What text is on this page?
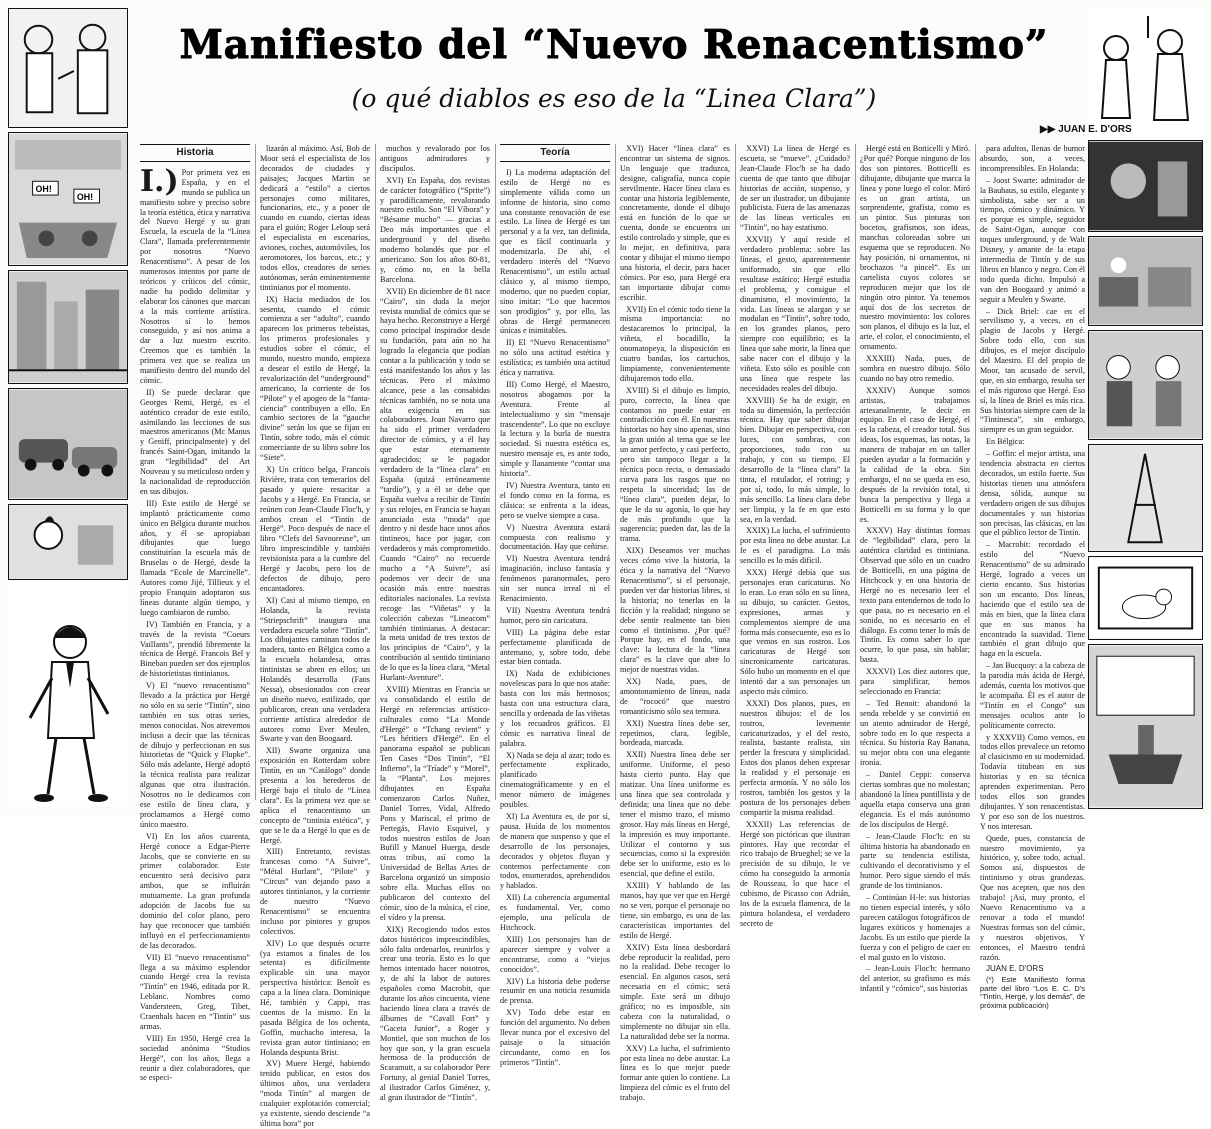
OH!
OH!
Manifiesto del “Nuevo Renacentismo”
(o qué diablos es eso de la “Linea Clara”)
▶▶ JUAN E. D'ORS
Historia

I.) Por primera vez en España, y en el mundo se publica un manifiesto sobre y preciso sobre la teoría estética, ética y narrativa del Nuevo Hergé y su gran Escuela, la escuela de la “Línea Clara”, llamada preferentemente por nosotros “Nuevo Renacentismo”. A pesar de los numerosos intentos por parte de teóricos y críticos del cómic, nadie ha podido delimitar y elaborar los cánones que marcan a la más corriente artística. Nosotros sí lo hemos conseguido, y así nos anima a dar a luz nuestro escrito. Creemos que es también la primera vez que se realiza un manifiesto dentro del mundo del cómic.

II) Se puede declarar que Georges Remi, Hergé, es el auténtico creador de este estilo, asimilando las lecciones de sus maestros americanos (Mc Manus y Geniff, principalmente) y del francés Saint-Ogan, imitando la gran “legibilidad” del Art Nouveau y su meticuloso orden y la nacionalidad de reproducción en sus dibujos.

III) Este estilo de Hergé se implantó prácticamente como único en Bélgica durante muchos años, y él se apropiaban dibujantes que luego constituirían la escuela más de Bruselas o de Hergé, desde la llamada “Ecole de Marcinelle”. Autores como Jijé, Tillieux y el propio Franquin adoptaron sus líneas durante algún tiempo, y luego cambiaron de rumbo.

IV) También en Francia, y a través de la revista “Coeurs Vaillants”, prendió libremente la técnica de Hergé. Francois Bel y Bineban pueden ser dos ejemplos de historietistas tintinianos.

V) El “nuevo renacentismo” llevado a la práctica por Hergé no sólo en su serie “Tintín”, sino también en sus otras series, menos conocidas. Nos atrevemos incluso a decir que las técnicas de dibujo y perfeccionan en sus historietas de “Quick y Flupke”. Sólo más adelante, Hergé adoptó la técnica realista para realizar algunas que otra ilustración. Nosotros no le dedicamos con ese estilo de línea clara, y proclamamos a Hergé como único maestro.

VI) En los años cuarenta, Hergé conoce a Edgar-Pierre Jacobs, que se convierte en su primer colaborador. Este encuentro será decisivo para ambos, que se influirán mutuamente. La gran profunda adopción de Jacobs fue su dominio del color plano, pero hay que reconocer que también influyó en el perfeccionamiento de las decorados.

VII) El “nuevo renacentismo” llega a su máximo esplendor cuando Hergé crea la revista “Tintín” en 1946, editada por R. Leblanc. Nombres como Vandersteen, Greg, Tibet, Craenhals hacen en “Tintín” sus armas.

VIII) En 1950, Hergé crea la sociedad anónima “Studios Hergé”, con los años, llega a reunir a diez colaboradores, que se especi-

lizarán al máximo. Así, Bob de Moor será el especialista de los decorados de ciudades y paisajes; Jacques Martin se dedicará a “estilo” a ciertos personajes como militares, funcionarios, etc., y a poner de cuando en cuando, ciertas ideas para el guión; Roger Leloup será el especialista en escenarios, aviones, coches, automóviles, los aeromotores, los barcos, etc.; y todos ellos, creadores de series autónomas, serán eminentemente tintinianos por el momento.

IX) Hacia mediados de los sesenta, cuando el cómic comienza a ser “adulto”, cuando aparecen los primeros tebeístas, los primeros profesionales y estudios sobre el cómic, el mundo, nuestro mundo, empieza a desear el estilo de Hergé, la revalorización del “underground” americano, la corriente de los “Pilote” y el apogeo de la “fanta-ciencia” contribuyen a ello. En cambio sectores de la “gauche divine” serán los que se fijan en Tintín, sobre todo, más el cómic comerciante de su libro sobre los “Siete”.

X) Un crítico belga, Francois Rivière, trata con temerarios del pasado y quiere resucitar a Jacobs y a Hergé. En Francia, se reúnen con Jean-Claude Floc'h, y ambos crean el “Tintín de Hergé”. Poco después de nace el libro “Clefs del Savoureuse”, un libro imprescindible y también revisionista para a la cumbre del Hergé y Jacobs, pero los de defectos de dibujo, pero encantadores.

XI) Casi al mismo tiempo, en Holanda, la revista “Striepschrift” inaugura una verdadera escuela sobre “Tintín”. Los dibujantes caminan todos de madera, tanto en Bélgica como a la escuela holandesa, otras tintinistas se abren en ellos; un Holandés desarrolla (Fans Nessa), obsesionados con crear un diseño nuevo, estilizado, que publicaron, crean una verdadera corriente artística alrededor de autores como Ever Meulen, Swarte y van den Boogaard.

XII) Swarte organiza una exposición en Rotterdam sobre Tintín, en un “Catálogo” donde presenta a los herederos de Hergé bajo el título de “Línea clara”. Es la primera vez que se aplica el renacentismo un concepto de “tintinia estética”, y que se le da a Hergé lo que es de Hergé.

XIII) Entretanto, revistas francesas como “A Suivre”, “Métal Hurlant”, “Pilote” y “Circus” van dejando paso a autores tintinianos, y la corriente de nuestro “Nuevo Renacentismo” se encuentra incluso por pintores y grupos colectivos.

XIV) Lo que después ocurre (ya estamos a finales de los setenta) es difícilmente explicable sin una mayor perspectiva histórica: Benoît es capa a la línea clara. Dominique Hé, también y Cappi, tras cuentos de la mismo. En la pasada Bélgica de los ochenta, Goffin, muchacho interesa, la revista gran autor tintiniano; en Holanda despunta Brist.

XV) Muere Hergé, habiendo tenido publicar, en estos dos últimos años, una verdadera “moda Tintín” al margen de cualquier explotación comercial; ya existente, siendo desciende “a última hora” por

muchos y revalorado por los antiguos admiradores y discípulos.

XVI) En España, dos revistas de carácter fotográfico (“Sprite”) y parodíficamente, revalorando nuestro estilo. Son “El Víbora” y “Bésame mucho” — gracias a Deo más importantes que el underground y del diseño moderno holandés que por el americano. Son los años 80-81, y, cómo no, en la bella Barcelona.

XVII) En diciembre de 81 nace “Cairo”, sin duda la mejor revista mundial de cómics que se haya hecho. Reconstruye a Hergé como principal inspirador desde su fundación, para aún no ha logrado la elegancia que podían contar a la publicación y todo se está manifestando los años y las técnicas. Pero el máximo alcance, pese a las consabidas técnicas también, no se nota una alta exigencia en sus colaboradores. Joan Navarro que ha sido el primer verdadero director de cómics, y a él hay que estar eternamente agradecidos; se le pagador verdadero de la “línea clara” en España (quizá erróneamente “tardío”), y a él se debe que España vuelva a recibir de Tintín y sus relojes, en Francia se hayan anunciado esta “moda” que dentro y ni desde hace unos años tintineos, hace por jugar, con verdaderos y más comprometido. Cuando “Cairo” no recuerde mucho a “A Suivre”, así podemos ver decir de una ocasión más entre nuestras editoriales nacionales. La revista recoge las “Viñetas” y la colección cabezas “Lineacom” también tintinianas. A destacar: la meta unidad de tres textos de los principios de “Cairo”, y la contribución al sentido tintiniano de lo que es la línea clara, “Metal Hurlant-Aventure”.

XVIII) Mientras en Francia se va consolidando el estilo de Hergé en referencias artístico-culturales como “La Monde d'Hergé” o “Tchang revient” y “Les héritiers d'Hergé”. En el panorama español se publican Ten Cases “Dos Tintín”, “El Infierno”, la “Tríade” y “Morel”, la “Planta”. Los mejores dibujantes en España comenzaron Carlos Nuñez, Daniel Torres, Vidal, Alfredo Pons y Mariscal, el primo de Pertegás, Flavio Esquivel, y todos nuestros estilos de Joan Bufill y Manuel Huerga, desde otras tribus, así como la Universidad de Bellas Artes de Barcelona organizó un simposio sobre ella. Muchas ellos no publicaron del contexto del cómic, sino de la música, el cine, el vídeo y la prensa.

XIX) Recogiendo todos estos datos históricos imprescindibles, sólo falta ordenarlos, reunirlos y crear una teoría. Esto es lo que hemos intentado hacer nosotros, y, de ahí la labor de autores españoles como Macrobit, que durante los años cincuenta, viene haciendo línea clara a través de álbumes de “Cavall Fort” y “Gaceta Junior”, a Roger y Montiel, que son muchos de los hoy que son, y la gran escuela hermosa de la producción de Scaramutt, a su colaborador Pere Fortuny, al genial Daniel Torres, al ilustrador Carlos Giménez, y, al gran ilustrador de “Tintín”.

Teoría

I) La moderna adaptación del estilo de Hergé no es simplemente válida como un informe de historia, sino como una constante renovación de ese estilo. La línea de Hergé es tan personal y a la vez, tan definida, que es fácil continuarla y modernizarla. De ahí, el verdadero interés del “Nuevo Renacentismo”, un estilo actual clásico y, al mismo tiempo, moderno, que no pueden copiar, sino imitar: “Lo que hacemos son prodigios” y, por ello, las obras de Hergé permanecen únicas e inimitables.

II) El “Nuevo Renacentismo” no sólo una actitud estética y estilística; es también una actitud ética y narrativa.

III) Como Hergé, el Maestro, nosotros abogamos por la Aventura. Frente al intelectualismo y sin “mensaje trascendente”. Lo que no excluye la lectura y la burla de nuestra sociedad. Si nuestra estética es, nuestro mensaje es, es ante todo, simple y llanamente “contar una historia”.

IV) Nuestra Aventura, tanto en el fondo como en la forma, es clásica: se enfrenta a la ideas, pero se vuelve siempre a casa.

V) Nuestra Aventura estará compuesta con realismo y documentación. Hay que ceñirse.

VI) Nuestra Aventura tendrá imaginación, incluso fantasía y fenómenos paranormales, pero sin ser nunca irreal ni el Renacimiento.

VII) Nuestra Aventura tendrá humor, pero sin caricatura.

VIII) La página debe estar perfectamente planificada de antemano, y, sobre todo, debe estar bien contada.

IX) Nada de exhibiciones novelescas para lo que nos atañe: basta con los más hermosos; basta con una estructura clara, sencilla y ordenada de las viñetas y los recuadros gráficos. El cómic es narrativa lineal de palabra.

X) Nada se deja al azar; todo es perfectamente explicado, planificado cinematográficamente y en el menor número de imágenes posibles.

XI) La Aventura es, de por sí, pausa. Huída de los momentos de manera que suspenso y que el desarrollo de los personajes, decorados y objetos fluyan y contemos perfectamente con todos, enumerados, aprehendidos y hablados.

XII) La coherencia argumental es fundamental. Ver, como ejemplo, una película de Hitchcock.

XIII) Los personajes han de aparecer siempre y volver a encontrarse, como a “viejos conocidos”.

XIV) La historia debe poderse resumir en una noticia resumida de prensa.

XV) Todo debe estar en función del argumento. No deben llevar nunca por el excesivo del paisaje o la situación circundante, como en los primeros “Tintín”.

XVI) Hacer “línea clara” es encontrar un sistema de signos. Un lenguaje que traduzca, designe, caligrafía, nunca copie servilmente. Hacer línea clara es contar una historia legiblemente, concretamente, donde el dibujo está en función de lo que se cuenta, donde se encuentra un estilo controlado y simple, que es lo mejor, en definitiva, para contar y dibujar el mismo tiempo una historia, el decir, para hacer cómics. Por eso, para Hergé era tan importante dibujar como escribir.

XVII) En el cómic todo tiene la misma importancia: no destacaremos lo principal, la viñeta, el bocadillo, la onomatopeya, la disposición en cuatro bandas, los cartuchos, limpiamente, convenientemente dibujaremos todo ello.

XVIII) Si el dibujo es limpio, puro, correcto, la línea que contamos no puede estar en contradicción con él. En nuestras historias no hay sino apenas, sino la gran unión al tema que se lee un amor perfecto, y casi perfecto, pero sin tampoco llegar a la técnica poco recta, o demasiado curva para los rasgos que no respeta la sinceridad; las de “línea clara”, pueden dejar, lo que le da su agonía, lo que hay de más profundo que la sugerencia; pueden dar, las de la trama.

XIX) Deseamos ver muchas veces cómo vive la historia, la ética y la narrativa del “Nuevo Renacentismo”, si el personaje, pueden ver dar historias libres, si la historia; no tenerlas en la ficción y la realidad; ninguno se debe sentir realmente tan bien como el tintinismo. ¿Por qué? Porque hay, en el fondo, una clave: la lectura de la “línea clara” es la clave que abre lo mejor de nuestras vidas.

XX) Nada, pues, de amontonamiento de líneas, nada de “rococó” que nuestro romanticismo sólo sea ternura.

XXI) Nuestra línea debe ser, repetimos, clara, legible, bordeada, marcada.

XXII) Nuestra línea debe ser uniforme. Uniforme, el peso hasta cierto punto. Hay que matizar. Una línea uniforme es una línea que sea controlada y definida; una línea que no debe tener el mismo trazo, el mismo grosor. Hay más líneas en Hergé, la impresión es muy importante. Utilizar el contorno y sus secuencias, como si la expresión debe ser lo uniforme, esto es lo esencial, que define el estilo.

XXIII) Y hablando de las manos, hay que ver que en Hergé no se ven, porque el personaje no tiene, sin embargo, es una de las características importantes del estilo de Hergé.

XXIV) Esta línea desbordará debe reproducir la realidad, pero no la realidad. Debe recoger lo esencial. En algunos casos, será necesaria en el cómic; será simple. Este será un dibujo gráfico; no es imposible, sin cabeza con la naturalidad, o simplemente no dibujar sin ella. La naturalidad debe ser la norma.

XXV) La lucha, el sufrimiento por esta línea no debe asustar. La línea es lo que mejor puede formar ante quien lo contiene. La limpieza del cómic es el fruto del trabajo.

XXVI) La línea de Hergé es escueta, se “mueve”. ¿Cuidado? Jean-Claude Floc'h se ha dado cuenta de que tanto que dibujar historias de acción, suspenso, y de ser un ilustrador, un dibujante publicista. Fuera de las amenazas de las líneas verticales en “Tintín”, no hay estatismo.

XXVII) Y aquí reside el verdadero problema: sobre las líneas, el gesto, aparentemente uniformado, sin que ello resultase estático; Hergé estudia el problema, y consigue el dinamismo, el movimiento, la vida. Las líneas se alargan y se modulan en “Tintín”, sobre todo, en los grandes planos, pero siempre con equilibrio; es la línea que sabe morir, la línea que sabe nacer con el dibujo y la viñeta. Esto sólo es posible con una línea que respete las necesidades reales del dibujo.

XXVIII) Se ha de exigir, en toda su dimensión, la perfección técnica. Hay que saber dibujar bien. Dibujar en perspectiva, con luces, con sombras, con proporciones, todo con su trabajo, y con su tiempo. El desarrollo de la “línea clara” la tinta, el rotulador, el rotring; y por sí, todo, lo más simple, lo más sencillo. La línea clara debe ser limpia, y la fe en que esto sea, en la verdad.

XXIX) La lucha, el sufrimiento por esta línea no debe asustar. La fe es el paradigma. Lo más sencillo es lo más difícil.

XXX) Hergé debía que sus personajes eran caricaturas. No lo eran. Lo eran sólo en su línea, su dibujo, su carácter. Gestos, expresiones, armas y complementos siempre de una forma más consecuente, eso es lo que vemos en sus rostros. Los caricaturas de Hergé son sincronicamente caricaturas. Sólo hubo un momento en el que intentó dar a sus personajes un aspecto más cómico.

XXXI) Dos planos, pues, en nuestros dibujos: el de los rostros, levemente caricaturizados, y el del resto, realista, bastante realista, sin perder la frescura y simplicidad. Estos dos planos deben expresar la realidad y el personaje en perfecta armonía. Y no sólo los rostros, también los gestos y la postura de los personajes deben compartir la misma realidad.

XXXII) Las referencias de Hergé son pictóricas que ilustran pintores. Hay que recordar el rico trabajo de Brueghel; se ve la precisión de su dibujo, le ve cómo ha conseguido la armonía de Rousseau, lo que hace el cubismo, de Picasso con Adrián, los de la escuela flamenca, de la pintura holandesa, el verdadero secreto de

Hergé está en Botticelli y Miró. ¿Por qué? Porque ninguno de los dos son pintores. Botticelli es dibujante, dibujante que marca la línea y pone luego el color. Miró es un gran artista, un sorprendente, grafista, como es un pintor. Sus pinturas son bocetos, grafismos, son ideas, manchas coloreadas sobre un esquema que se reproducen. No hay posición, ni ornamentos, ni brochazos “a pincel”. Es un cartelista cuyos colores se reproducen mejor que los de ningún otro pintor. Ya tenemos aquí dos de los secretos de nuestro movimiento: los colores son planos, el dibujo es la luz, el arte, el color, el conocimiento, el ornamento.

XXXIII) Nada, pues, de sombra en nuestro dibujo. Sólo cuando no hay otro remedio.

XXXIV) Aunque somos artistas, trabajamos artesanalmente, le decir en equipo. En el caso de Hergé, el es la cabeza, el creador total. Sus ideas, los esquemas, las notas, la manera de trabajar en un taller pueden ayudar a la formación y la calidad de la obra. Sin embargo, el no se queda en eso, después de la revisión total, si busca la perspectiva y llega a Botticelli en su forma y lo que es.

XXXV) Hay distintas formas de “legibilidad” clara, pero la auténtica claridad es tintiniana. Observad que sólo en un cuadro de Botticelli, en una página de Hitchcock y en una historia de Hergé no es necesario leer el texto para entendernos de todo lo que pasa, no es necesario en el sonido, no es necesario en el diálogo. Es como tener lo más de Tintín. Es como saber lo que ocurre, lo que pasa, sin hablar; basta.

XXXVI) Los diez autores que, para simplificar, hemos seleccionado en Francia:

– Ted Benoit: abandonó la senda rebelde y se convirtió en un atento admirador de Hergé, sobre todo en lo que respecta a técnica. Su historia Ray Banana, su mejor obra con una elegante ironía.

– Daniel Ceppi: conserva ciertas sombras que no molestan; abandonó la línea puntillista y de aquella etapa conserva una gran elegancia. Es el más autónomo de los discípulos de Hergé.

– Jean-Claude Floc'h: en su última historia ha abandonado en parte su tendencia estilista, cultivando el decorativismo y el humor. Pero sigue siendo el más grande de los tintinianos.

– Continúan H-le: sus historias no tienen especial interés, y sólo parecen catálogos fotográficos de lugares exóticos y homenajes a Jacobs. Es un estilo que pierde la fuerza y con el peligro de caer en el mal gusto en lo vistoso.

– Jean-Louis Floc'h: hermano del anterior, su grafismo es más infantil y “cómico”, sus historias

para adultos, llenas de humor absurdo, son, a veces, incomprensibles. En Holanda:

– Joost Swarte: admirador de la Bauhaus, su estilo, elegante y simbolista, sabe ser a un tiempo, cómico y dinámico. Y es porque es simple, seguidor de Saint-Ogan, aunque con toques underground, y de Walt Disney, y amante de la etapa intermedia de Tintín y de sus libros en blanco y negro. Con él todo queda dicho. Impulsó a van den Boogaard y animó a seguir a Meulen y Swarte.

– Dick Briel: cae en el servilismo y, a veces, en el plagio de Jacobs y Hergé. Sobre todo ello, con sus dibujos, es el mejor discípulo del Maestro. El del propio de Moor, tan acusado de servil, que, en sin embargo, resulta ser el más riguroso que Hergé. Eso sí, la línea de Briel es más rica. Sus historias siempre caen de la “Tintinesca”, sin embargo, siempre es un gran seguidor.

En Bélgica:

– Goffin: el mejor artista, una tendencia abstracta en ciertos decorados, un estilo fuerte. Sus historias tienen una atmósfera densa, sólida, aunque su verdadero origen de sus dibujos documentales y sus historias son precisas, las clásicas, en las que el público lector de Tintín.

– Macrobit: recordado el estilo del “Nuevo Renacentismo” de su admirado Hergé, logrado a veces un cierto encanto. Sus historias son un encanto. Dos líneas, haciendo que el estilo sea de más en bien, que la línea clara que en sus manos ha encontrado la suavidad. Tiene también el gran dibujo que haga en la escuela.

– Jan Bucquoy: a la cabeza de la parodia más ácida de Hergé, además, cuenta los motivos que le acompaña. Él es el autor de “Tintín en el Congo” sus mensajes ocultos ante lo políticamente correcto.

y XXXVII) Como vemos, en todos ellos prevalece un retorno al clasicismo en su modernidad. Todavía titubean en sus historias y en su técnica aprenden experimentan. Pero todos ellos son grandes dibujantes. Y son renacentistas. Y por eso son de los nuestros. Y nos interesan.

Quede, pues, constancia de nuestro movimiento, ya histórico, y, sobre todo, actual. Somos así, dispuestos de tintinismo y otras grandezas. Que nos acepten, que nos den trabajo! ¡Así, muy pronto, el Nuevo Renacentismo va a renovar a todo el mundo! Nuestras formas son del cómic, y nuestros objetivos. Y entonces, el Maestro tendrá razón.

JUAN E. D'ORS

(*) Este Manifiesto forma parte del libro “Los E. C. D's “Tintín, Hergé, y los demás”, de próxima publicación)
